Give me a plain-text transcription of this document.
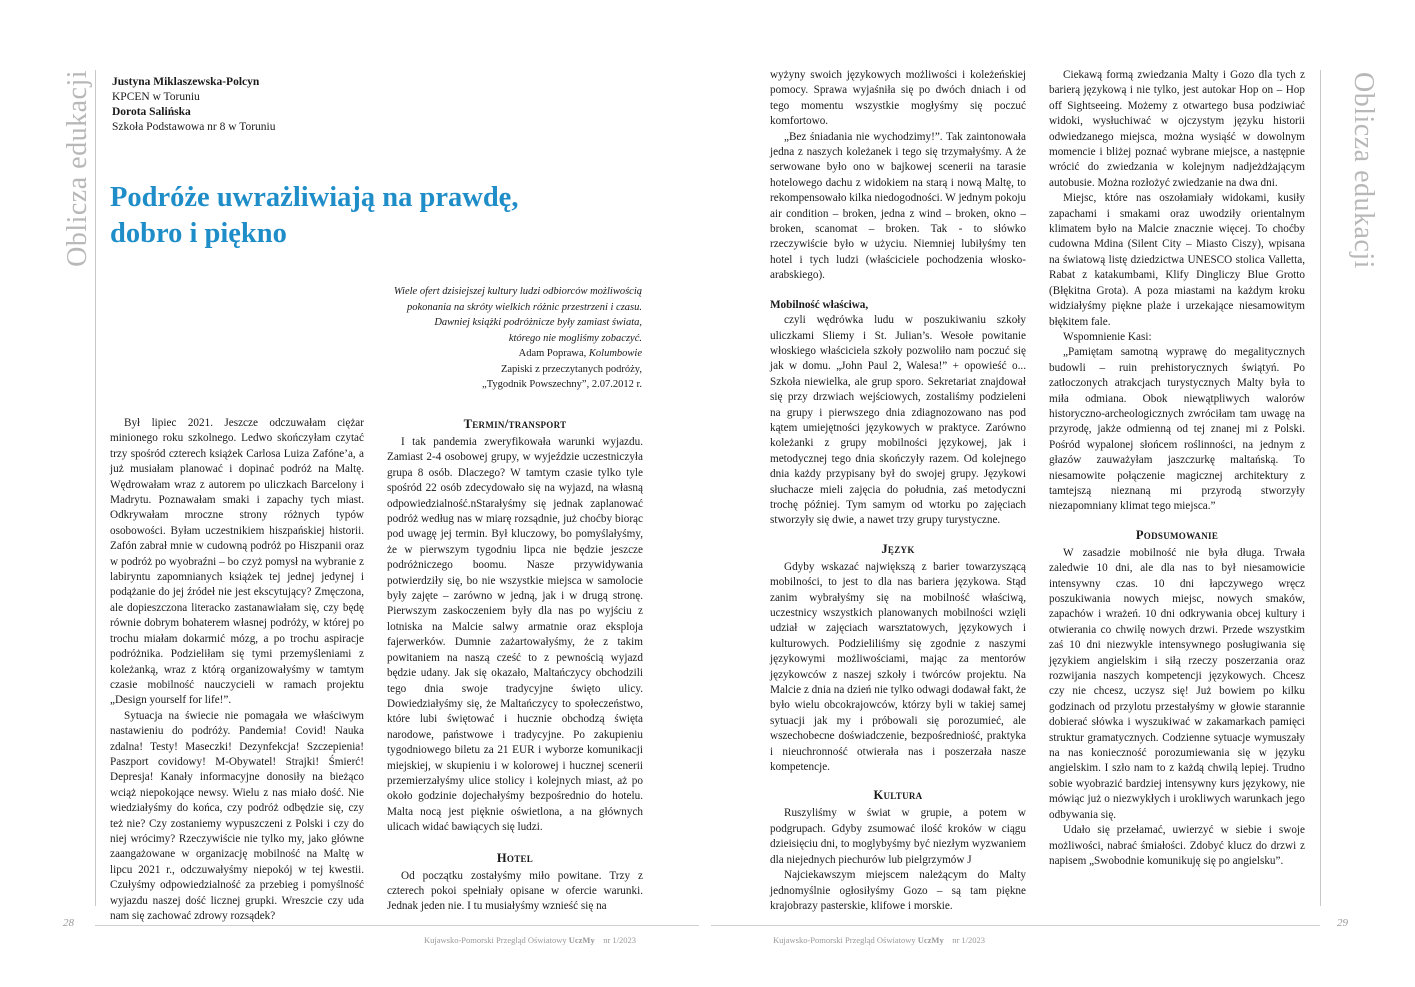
Oblicza edukacji
28
Kujawsko-Pomorski Przegląd Oświatowy UczMy nr 1/2023
Justyna Miklaszewska-Polcyn
KPCEN w Toruniu
Dorota Salińska
Szkoła Podstawowa nr 8 w Toruniu
Podróże uwrażliwiają na prawdę,
dobro i piękno
Wiele ofert dzisiejszej kultury ludzi odbiorców możliwością
pokonania na skróty wielkich różnic przestrzeni i czasu.
Dawniej książki podróżnicze były zamiast świata,
którego nie mogliśmy zobaczyć.
Adam Poprawa, Kolumbowie
Zapiski z przeczytanych podróży,
„Tygodnik Powszechny”, 2.07.2012 r.

Był lipiec 2021. Jeszcze odczuwałam ciężar minionego roku szkolnego. Ledwo skończyłam czytać trzy spośród czterech książek Carlosa Luiza Zafóne’a, a już musiałam planować i dopinać podróż na Maltę. Wędrowałam wraz z autorem po uliczkach Barcelony i Madrytu. Poznawałam smaki i zapachy tych miast. Odkrywałam mroczne strony różnych typów osobowości. Byłam uczestnikiem hiszpańskiej historii. Zafón zabrał mnie w cudowną podróż po Hiszpanii oraz w podróż po wyobraźni – bo czyż pomysł na wybranie z labiryntu zapomnianych książek tej jednej jedynej i podążanie do jej źródeł nie jest ekscytujący? Zmęczona, ale dopieszczona literacko zastanawiałam się, czy będę równie dobrym bohaterem własnej podróży, w której po trochu miałam dokarmić mózg, a po trochu aspiracje podróżnika. Podzieliłam się tymi przemyśleniami z koleżanką, wraz z którą organizowałyśmy w tamtym czasie mobilność nauczycieli w ramach projektu „Design yourself for life!”.

Sytuacja na świecie nie pomagała we właściwym nastawieniu do podróży. Pandemia! Covid! Nauka zdalna! Testy! Maseczki! Dezynfekcja! Szczepienia! Paszport covidowy! M-Obywatel! Strajki! Śmierć! Depresja! Kanały informacyjne donosiły na bieżąco wciąż niepokojące newsy. Wielu z nas miało dość. Nie wiedziałyśmy do końca, czy podróż odbędzie się, czy też nie? Czy zostaniemy wypuszczeni z Polski i czy do niej wrócimy? Rzeczywiście nie tylko my, jako główne zaangażowane w organizację mobilność na Maltę w lipcu 2021 r., odczuwałyśmy niepokój w tej kwestii. Czułyśmy odpowiedzialność za przebieg i pomyślność wyjazdu naszej dość licznej grupki. Wreszcie czy uda nam się zachować zdrowy rozsądek?

Termin/transport

I tak pandemia zweryfikowała warunki wyjazdu. Zamiast 2-4 osobowej grupy, w wyjeździe uczestniczyła grupa 8 osób. Dlaczego? W tamtym czasie tylko tyle spośród 22 osób zdecydowało się na wyjazd, na własną odpowiedzialność.nStarałyśmy się jednak zaplanować podróż według nas w miarę rozsądnie, już choćby biorąc pod uwagę jej termin. Był kluczowy, bo pomyślałyśmy, że w pierwszym tygodniu lipca nie będzie jeszcze podróżniczego boomu. Nasze przywidywania potwierdziły się, bo nie wszystkie miejsca w samolocie były zajęte – zarówno w jedną, jak i w drugą stronę. Pierwszym zaskoczeniem były dla nas po wyjściu z lotniska na Malcie salwy armatnie oraz eksploja fajerwerków. Dumnie zażartowałyśmy, że z takim powitaniem na naszą cześć to z pewnością wyjazd będzie udany. Jak się okazało, Maltańczycy obchodzili tego dnia swoje tradycyjne święto ulicy. Dowiedziałyśmy się, że Maltańczycy to społeczeństwo, które lubi świętować i hucznie obchodzą święta narodowe, państwowe i tradycyjne. Po zakupieniu tygodniowego biletu za 21 EUR i wyborze komunikacji miejskiej, w skupieniu i w kolorowej i hucznej scenerii przemierzałyśmy ulice stolicy i kolejnych miast, aż po około godzinie dojechałyśmy bezpośrednio do hotelu. Malta nocą jest pięknie oświetlona, a na głównych ulicach widać bawiących się ludzi.

Hotel

Od początku zostałyśmy miło powitane. Trzy z czterech pokoi spełniały opisane w ofercie warunki. Jednak jeden nie. I tu musiałyśmy wznieść się na

Oblicza edukacji
29
Kujawsko-Pomorski Przegląd Oświatowy UczMy nr 1/2023

wyżyny swoich językowych możliwości i koleżeńskiej pomocy. Sprawa wyjaśniła się po dwóch dniach i od tego momentu wszystkie mogłyśmy się poczuć komfortowo.

„Bez śniadania nie wychodzimy!”. Tak zaintonowała jedna z naszych koleżanek i tego się trzymałyśmy. A że serwowane było ono w bajkowej scenerii na tarasie hotelowego dachu z widokiem na starą i nową Maltę, to rekompensowało kilka niedogodności. W jednym pokoju air condition – broken, jedna z wind – broken, okno – broken, scanomat – broken. Tak - to słówko rzeczywiście było w użyciu. Niemniej lubiłyśmy ten hotel i tych ludzi (właściciele pochodzenia włosko-arabskiego).

Mobilność właściwa,

czyli wędrówka ludu w poszukiwaniu szkoły uliczkami Sliemy i St. Julian’s. Wesołe powitanie włoskiego właściciela szkoły pozwoliło nam poczuć się jak w domu. „John Paul 2, Walesa!” + opowieść o... Szkoła niewielka, ale grup sporo. Sekretariat znajdował się przy drzwiach wejściowych, zostaliśmy podzieleni na grupy i pierwszego dnia zdiagnozowano nas pod kątem umiejętności językowych w praktyce. Zarówno koleżanki z grupy mobilności językowej, jak i metodycznej tego dnia skończyły razem. Od kolejnego dnia każdy przypisany był do swojej grupy. Językowi słuchacze mieli zajęcia do południa, zaś metodyczni trochę później. Tym samym od wtorku po zajęciach stworzyły się dwie, a nawet trzy grupy turystyczne.

Język

Gdyby wskazać największą z barier towarzyszącą mobilności, to jest to dla nas bariera językowa. Stąd zanim wybrałyśmy się na mobilność właściwą, uczestnicy wszystkich planowanych mobilności wzięli udział w zajęciach warsztatowych, językowych i kulturowych. Podzieliliśmy się zgodnie z naszymi językowymi możliwościami, mając za mentorów językowców z naszej szkoły i twórców projektu. Na Malcie z dnia na dzień nie tylko odwagi dodawał fakt, że było wielu obcokrajowców, którzy byli w takiej samej sytuacji jak my i próbowali się porozumieć, ale wszechobecne doświadczenie, bezpośredniość, praktyka i nieuchronność otwierała nas i poszerzała nasze kompetencje.

Kultura

Ruszyliśmy w świat w grupie, a potem w podgrupach. Gdyby zsumować ilość kroków w ciągu dzieisięciu dni, to moglybyśmy być niezłym wyzwaniem dla niejednych piechurów lub pielgrzymów J

Najciekawszym miejscem należącym do Malty jednomyślnie ogłosiłyśmy Gozo – są tam piękne krajobrazy pasterskie, klifowe i morskie.

Ciekawą formą zwiedzania Malty i Gozo dla tych z barierą językową i nie tylko, jest autokar Hop on – Hop off Sightseeing. Możemy z otwartego busa podziwiać widoki, wysłuchiwać w ojczystym języku historii odwiedzanego miejsca, można wysiąść w dowolnym momencie i bliżej poznać wybrane miejsce, a następnie wrócić do zwiedzania w kolejnym nadjeżdżającym autobusie. Można rozłożyć zwiedzanie na dwa dni.

Miejsc, które nas oszołamiały widokami, kusiły zapachami i smakami oraz uwodziły orientalnym klimatem było na Malcie znacznie więcej. To choćby cudowna Mdina (Silent City – Miasto Ciszy), wpisana na światową listę dziedzictwa UNESCO stolica Valletta, Rabat z katakumbami, Klify Dingliczy Blue Grotto (Błękitna Grota). A poza miastami na każdym kroku widziałyśmy piękne plaże i urzekające niesamowitym błękitem fale.

Wspomnienie Kasi:

„Pamiętam samotną wyprawę do megalitycznych budowli – ruin prehistorycznych świątyń. Po zatłoczonych atrakcjach turystycznych Malty była to miła odmiana. Obok niewątpliwych walorów historyczno-archeologicznych zwróciłam tam uwagę na przyrodę, jakże odmienną od tej znanej mi z Polski. Pośród wypalonej słońcem roślinności, na jednym z głazów zauważyłam jaszczurkę maltańską. To niesamowite połączenie magicznej architektury z tamtejszą nieznaną mi przyrodą stworzyły niezapomniany klimat tego miejsca.”

Podsumowanie

W zasadzie mobilność nie była długa. Trwała zaledwie 10 dni, ale dla nas to był niesamowicie intensywny czas. 10 dni łapczywego wręcz poszukiwania nowych miejsc, nowych smaków, zapachów i wrażeń. 10 dni odkrywania obcej kultury i otwierania co chwilę nowych drzwi. Przede wszystkim zaś 10 dni niezwykle intensywnego posługiwania się językiem angielskim i siłą rzeczy poszerzania oraz rozwijania naszych kompetencji językowych. Chcesz czy nie chcesz, uczysz się! Już bowiem po kilku godzinach od przylotu przestałyśmy w głowie starannie dobierać słówka i wyszukiwać w zakamarkach pamięci struktur gramatycznych. Codzienne sytuacje wymuszały na nas konieczność porozumiewania się w języku angielskim. I szło nam to z każdą chwilą lepiej. Trudno sobie wyobrazić bardziej intensywny kurs językowy, nie mówiąc już o niezwykłych i urokliwych warunkach jego odbywania się.

Udało się przełamać, uwierzyć w siebie i swoje możliwości, nabrać śmiałości. Zdobyć klucz do drzwi z napisem „Swobodnie komunikuję się po angielsku”.
